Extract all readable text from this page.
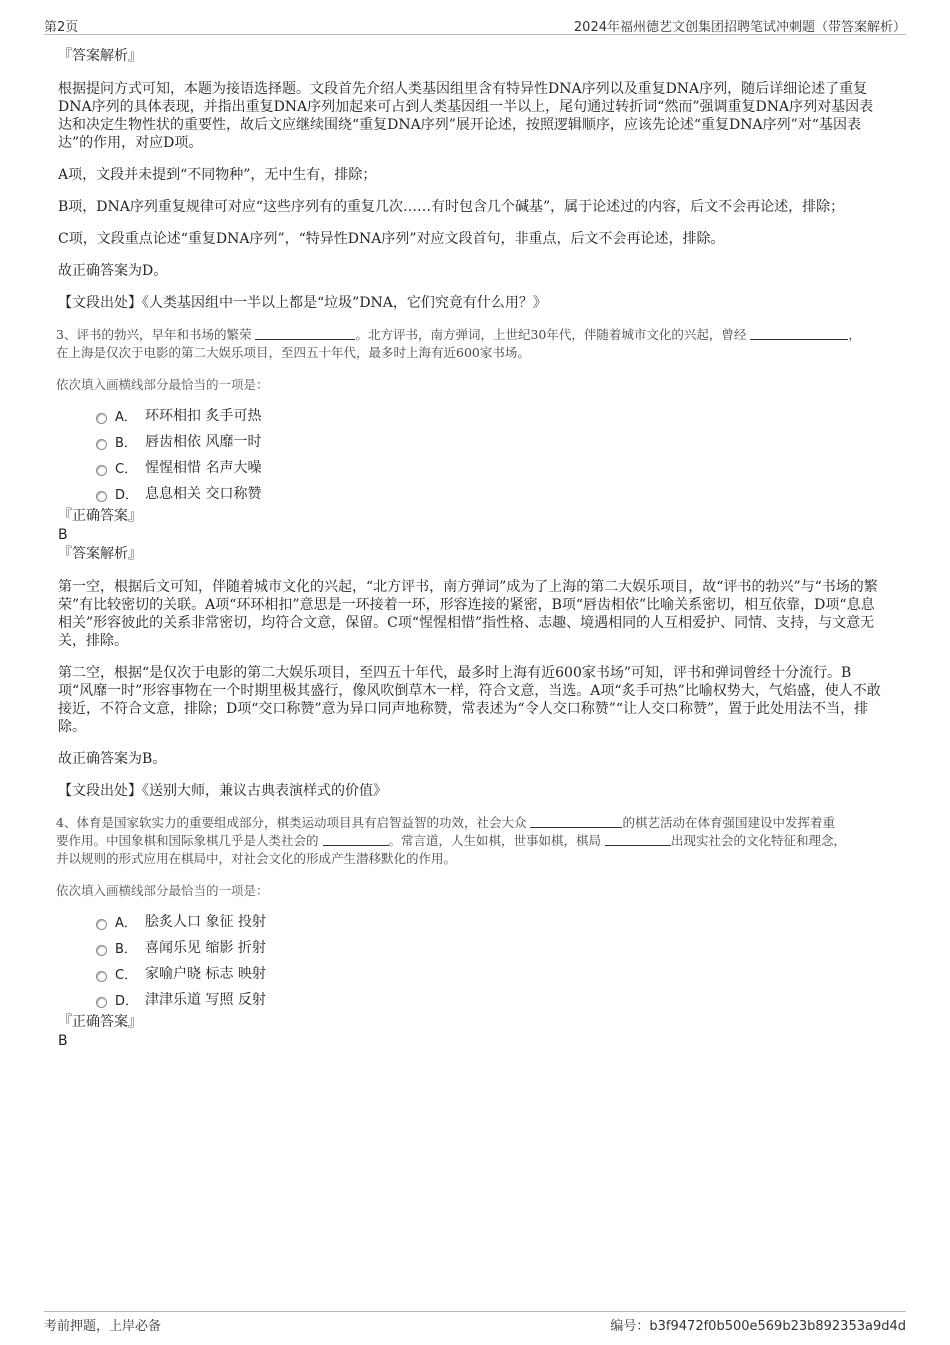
第2页	2024年福州德艺文创集团招聘笔试冲刺题（带答案解析）
『答案解析』
根据提问方式可知，本题为接语选择题。文段首先介绍人类基因组里含有特异性DNA序列以及重复DNA序列，随后详细论述了重复DNA序列的具体表现，并指出重复DNA序列加起来可占到人类基因组一半以上，尾句通过转折词“然而”强调重复DNA序列对基因表达和决定生物性状的重要性，故后文应继续围绕“重复DNA序列”展开论述，按照逻辑顺序，应该先论述“重复DNA序列”对“基因表达”的作用，对应D项。
A项，文段并未提到“不同物种”，无中生有，排除；
B项，DNA序列重复规律可对应“这些序列有的重复几次……有时包含几个碱基”，属于论述过的内容，后文不会再论述，排除；
C项，文段重点论述“重复DNA序列”，“特异性DNA序列”对应文段首句，非重点，后文不会再论述，排除。
故正确答案为D。
【文段出处】《人类基因组中一半以上都是“垃圾”DNA，它们究竟有什么用？》
3、评书的勃兴，早年和书场的繁荣	。北方评书，南方弹词，上世纪30年代，伴随着城市文化的兴起，曾经	，
在上海是仅次于电影的第二大娱乐项目，至四五十年代，最多时上海有近600家书场。
依次填入画横线部分最恰当的一项是：
A． 环环相扣 炙手可热
B． 唇齿相依 风靡一时
C． 惺惺相惜 名声大噪
D． 息息相关 交口称赞
『正确答案』
B
『答案解析』
第一空，根据后文可知，伴随着城市文化的兴起，“北方评书，南方弹词”成为了上海的第二大娱乐项目，故“评书的勃兴”与“书场的繁荣”有比较密切的关联。A项“环环相扣”意思是一环接着一环，形容连接的紧密，B项“唇齿相依”比喻关系密切，相互依靠，D项“息息相关”形容彼此的关系非常密切，均符合文意，保留。C项“惺惺相惜”指性格、志趣、境遇相同的人互相爱护、同情、支持，与文意无关，排除。
第二空，根据“是仅次于电影的第二大娱乐项目，至四五十年代，最多时上海有近600家书场”可知，评书和弹词曾经十分流行。B项“风靡一时”形容事物在一个时期里极其盛行，像风吹倒草木一样，符合文意，当选。A项“炙手可热”比喻权势大，气焰盛，使人不敢接近，不符合文意，排除；D项“交口称赞”意为异口同声地称赞，常表述为“令人交口称赞”“让人交口称赞”，置于此处用法不当，排除。
故正确答案为B。
【文段出处】《送别大师，兼议古典表演样式的价值》
4、体育是国家软实力的重要组成部分，棋类运动项目具有启智益智的功效，社会大众	的棋艺活动在体育强国建设中发挥着重
要作用。中国象棋和国际象棋几乎是人类社会的	。常言道，人生如棋，世事如棋，棋局	出现实社会的文化特征和理念，
并以规则的形式应用在棋局中，对社会文化的形成产生潜移默化的作用。
依次填入画横线部分最恰当的一项是：
A． 脍炙人口 象征 投射
B． 喜闻乐见 缩影 折射
C． 家喻户晓 标志 映射
D． 津津乐道 写照 反射
『正确答案』
B
考前押题，上岸必备	编号：b3f9472f0b500e569b23b892353a9d4d
